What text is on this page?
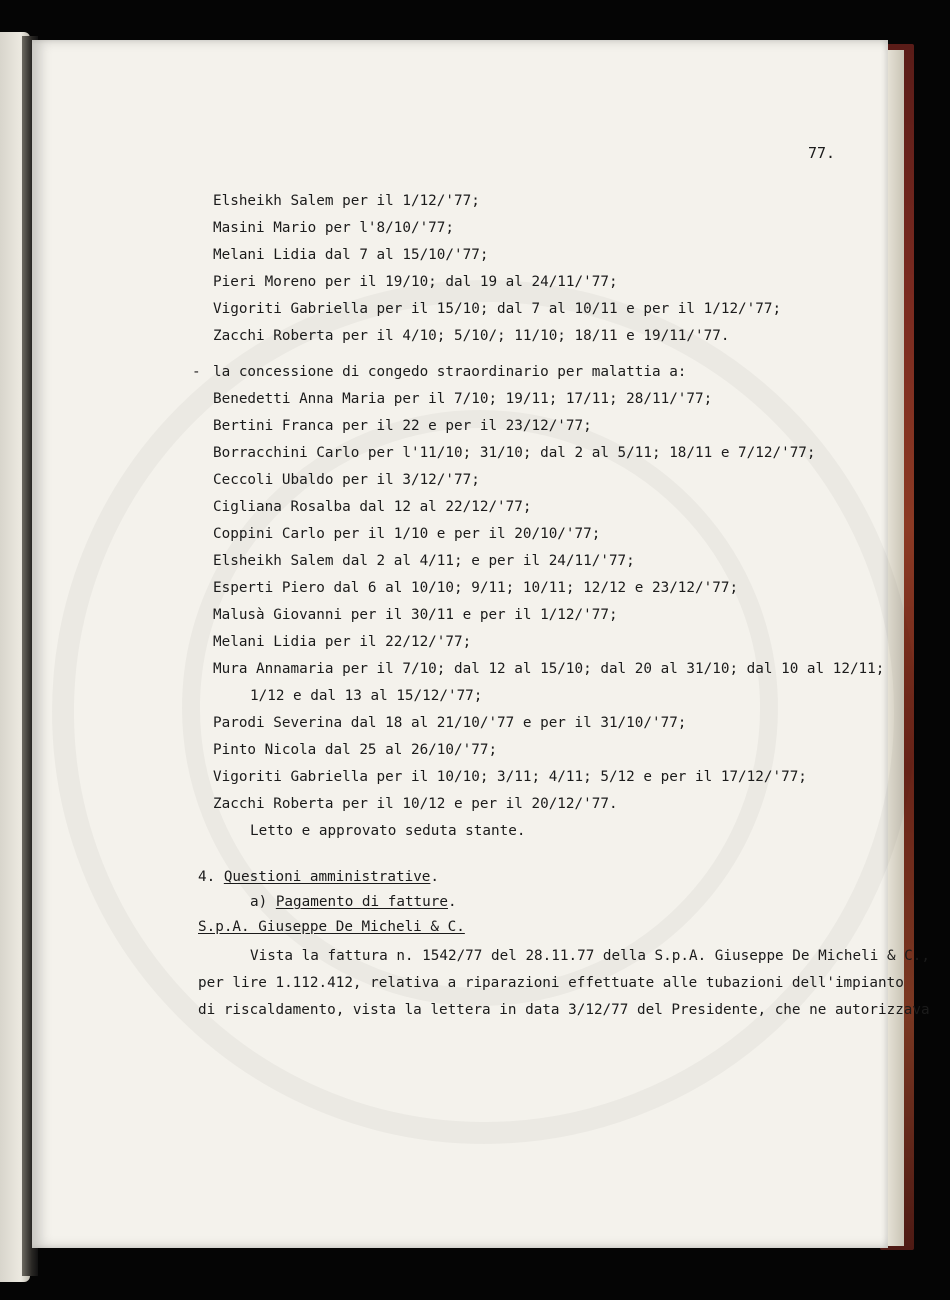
77.

Elsheikh Salem per il 1/12/'77;

Masini Mario per l'8/10/'77;

Melani Lidia dal 7 al 15/10/'77;

Pieri Moreno per il 19/10; dal 19 al 24/11/'77;

Vigoriti Gabriella per il 15/10; dal 7 al 10/11 e per il 1/12/'77;

Zacchi Roberta per il 4/10; 5/10/; 11/10; 18/11 e 19/11/'77.

- la concessione di congedo straordinario per malattia a:

Benedetti Anna Maria per il 7/10; 19/11; 17/11; 28/11/'77;

Bertini Franca per il 22 e per il 23/12/'77;

Borracchini Carlo per l'11/10; 31/10; dal 2 al 5/11; 18/11 e 7/12/'77;

Ceccoli Ubaldo per il 3/12/'77;

Cigliana Rosalba dal 12 al 22/12/'77;

Coppini Carlo per il 1/10 e per il 20/10/'77;

Elsheikh Salem dal 2 al 4/11; e per il 24/11/'77;

Esperti Piero dal 6 al 10/10; 9/11; 10/11; 12/12 e 23/12/'77;

Malusà Giovanni per il 30/11 e per il 1/12/'77;

Melani Lidia per il 22/12/'77;

Mura Annamaria per il 7/10; dal 12 al 15/10; dal 20 al 31/10; dal 10 al 12/11;

1/12 e dal 13 al 15/12/'77;

Parodi Severina dal 18 al 21/10/'77 e per il 31/10/'77;

Pinto Nicola dal 25 al 26/10/'77;

Vigoriti Gabriella per il 10/10; 3/11; 4/11; 5/12 e per il 17/12/'77;

Zacchi Roberta per il 10/12 e per il 20/12/'77.

Letto e approvato seduta stante.

4. Questioni amministrative.

a) Pagamento di fatture.

S.p.A. Giuseppe De Micheli & C.

Vista la fattura n. 1542/77 del 28.11.77 della S.p.A. Giuseppe De Micheli & C.,

per lire 1.112.412, relativa a riparazioni effettuate alle tubazioni dell'impianto

di riscaldamento, vista la lettera in data 3/12/77 del Presidente, che ne autorizzava
